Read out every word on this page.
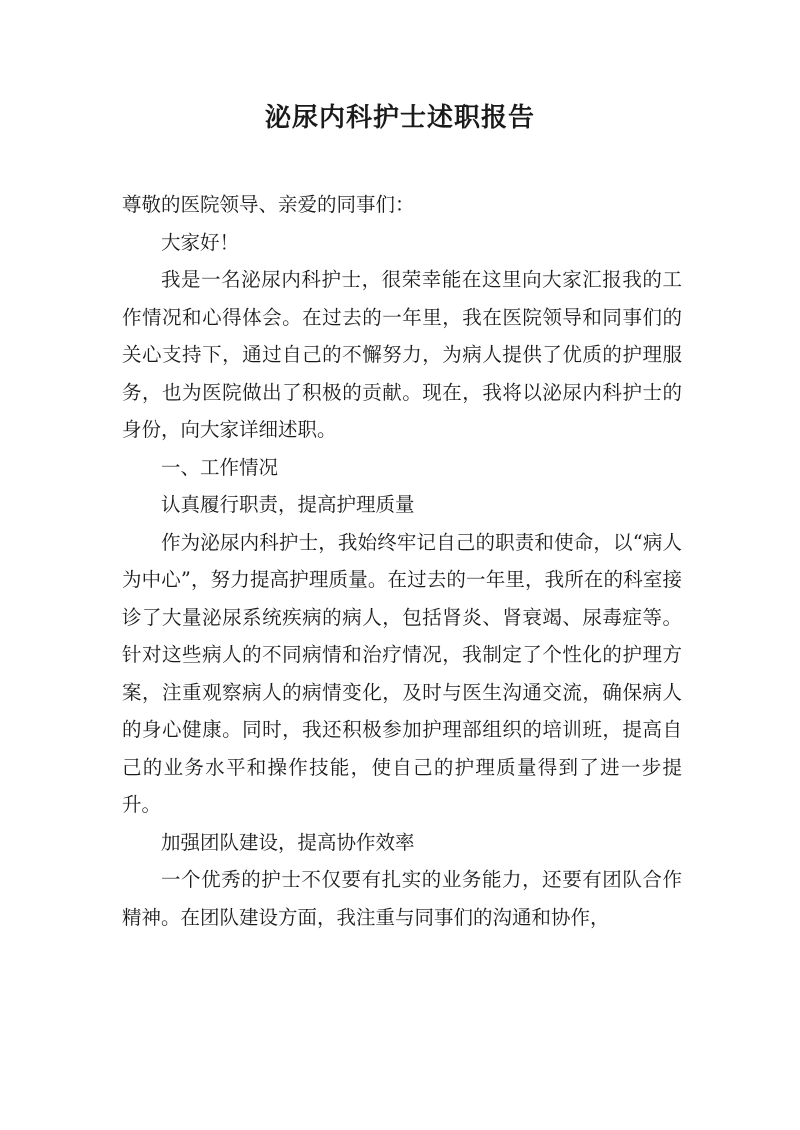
泌尿内科护士述职报告

尊敬的医院领导、亲爱的同事们：

大家好！

我是一名泌尿内科护士，很荣幸能在这里向大家汇报我的工作情况和心得体会。在过去的一年里，我在医院领导和同事们的关心支持下，通过自己的不懈努力，为病人提供了优质的护理服务，也为医院做出了积极的贡献。现在，我将以泌尿内科护士的身份，向大家详细述职。

一、工作情况

认真履行职责，提高护理质量

作为泌尿内科护士，我始终牢记自己的职责和使命，以“病人为中心”，努力提高护理质量。在过去的一年里，我所在的科室接诊了大量泌尿系统疾病的病人，包括肾炎、肾衰竭、尿毒症等。针对这些病人的不同病情和治疗情况，我制定了个性化的护理方案，注重观察病人的病情变化，及时与医生沟通交流，确保病人的身心健康。同时，我还积极参加护理部组织的培训班，提高自己的业务水平和操作技能，使自己的护理质量得到了进一步提升。

加强团队建设，提高协作效率

一个优秀的护士不仅要有扎实的业务能力，还要有团队合作精神。在团队建设方面，我注重与同事们的沟通和协作，
